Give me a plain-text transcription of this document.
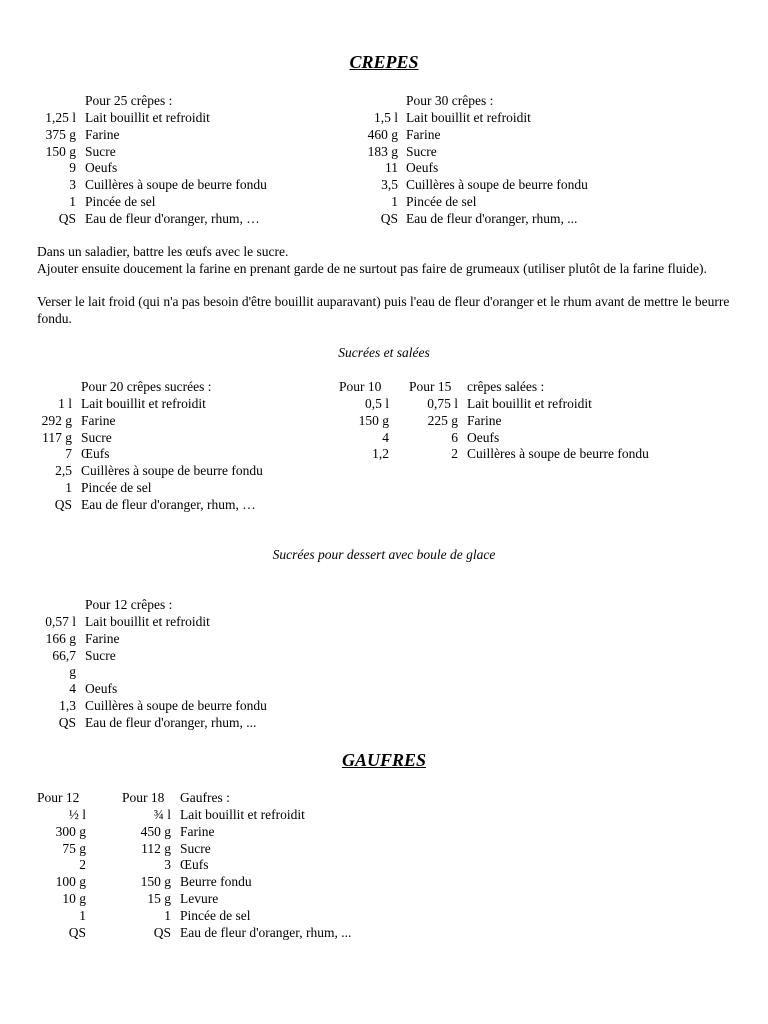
CREPES
Pour 25 crêpes :
1,25 l Lait bouillit et refroidit
375 g Farine
150 g Sucre
9 Oeufs
3 Cuillères à soupe de beurre fondu
1 Pincée de sel
QS Eau de fleur d'oranger, rhum, …
Pour 30 crêpes :
1,5 l Lait bouillit et refroidit
460 g Farine
183 g Sucre
11 Oeufs
3,5 Cuillères à soupe de beurre fondu
1 Pincée de sel
QS Eau de fleur d'oranger, rhum, ...
Dans un saladier, battre les œufs avec le sucre.
Ajouter ensuite doucement la farine en prenant garde de ne surtout pas faire de grumeaux (utiliser plutôt de la farine fluide).
Verser le lait froid (qui n'a pas besoin d'être bouillit auparavant) puis l'eau de fleur d'oranger et le rhum avant de mettre le beurre fondu.
Sucrées et salées
Pour 20 crêpes sucrées :	Pour 10 Pour 15 crêpes salées :
1 l Lait bouillit et refroidit
292 g Farine
117 g Sucre
7 Œufs
2,5 Cuillères à soupe de beurre fondu
1 Pincée de sel
QS Eau de fleur d'oranger, rhum, …
0,5 l	0,75 l Lait bouillit et refroidit
150 g	225 g Farine
4	6 Oeufs
1,2	2 Cuillères à soupe de beurre fondu
Sucrées pour dessert avec boule de glace
Pour 12 crêpes :
0,57 l Lait bouillit et refroidit
166 g Farine
66,7 Sucre
g
4 Oeufs
1,3 Cuillères à soupe de beurre fondu
QS Eau de fleur d'oranger, rhum, ...
GAUFRES
Pour 12	Pour 18 Gaufres :
½ l	¾ l Lait bouillit et refroidit
300 g	450 g Farine
75 g	112 g Sucre
2	3 Œufs
100 g	150 g Beurre fondu
10 g	15 g Levure
1	1 Pincée de sel
QS	QS Eau de fleur d'oranger, rhum, ...
